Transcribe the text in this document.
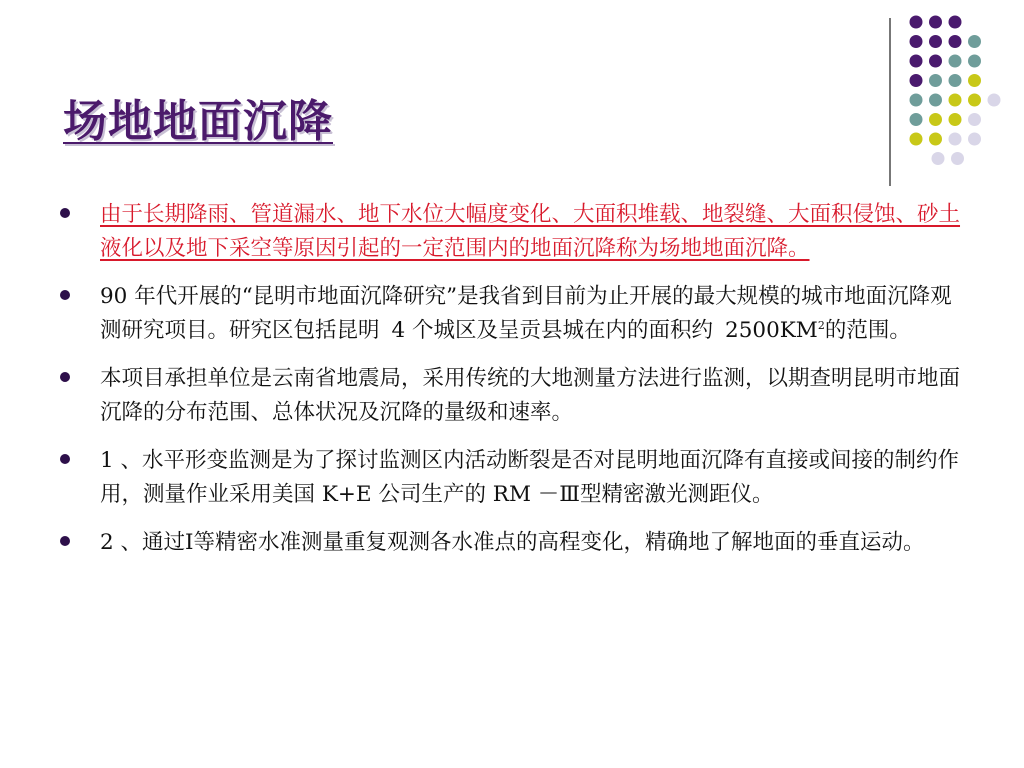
场地地面沉降
由于长期降雨、管道漏水、地下水位大幅度变化、大面积堆载、地裂缝、大面积侵蚀、砂土液化以及地下采空等原因引起的一定范围内的地面沉降称为场地地面沉降。
90 年代开展的“昆明市地面沉降研究”是我省到目前为止开展的最大规模的城市地面沉降观测研究项目。研究区包括昆明 4 个城区及呈贡县城在内的面积约 $2500KM^2$的范围。
本项目承担单位是云南省地震局，采用传统的大地测量方法进行监测，以期查明昆明市地面沉降的分布范围、总体状况及沉降的量级和速率。
1 、水平形变监测是为了探讨监测区内活动断裂是否对昆明地面沉降有直接或间接的制约作用，测量作业采用美国 K+E 公司生产的 RM －Ⅲ型精密激光测距仪。
2 、通过Ⅰ等精密水准测量重复观测各水准点的高程变化，精确地了解地面的垂直运动。
